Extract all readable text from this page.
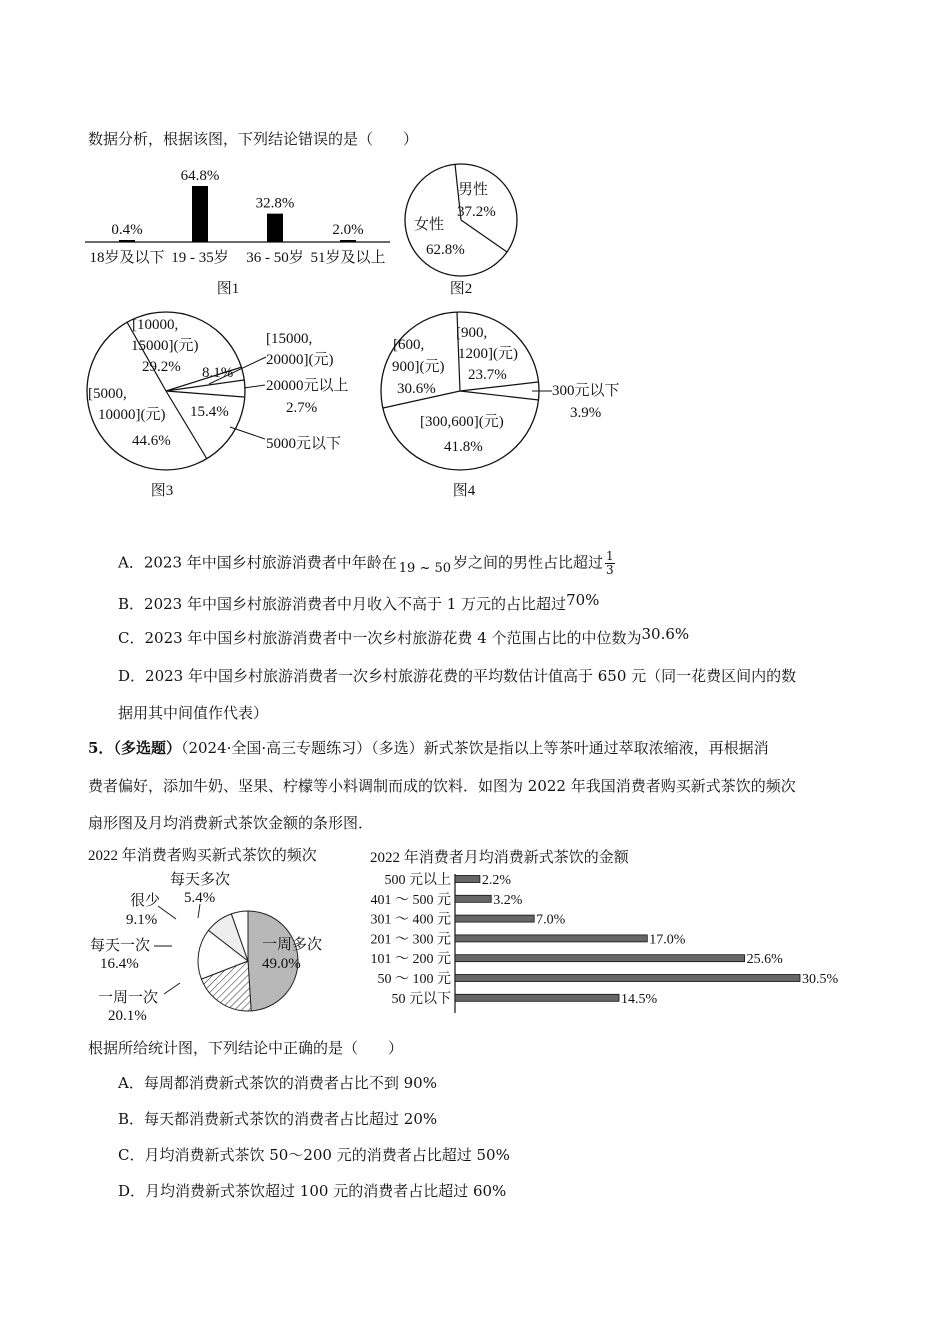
数据分析，根据该图，下列结论错误的是（　　）
0.4%
18岁及以下
64.8%
19 - 35岁
32.8%
36 - 50岁
2.0%
51岁及以上
图1
男性
37.2%
女性
62.8%
图2
[10000,
15000](元)
29.2%
[15000,
20000](元)
8.1%
20000元以上
2.7%
[5000,
10000](元)
44.6%
15.4%
5000元以下
图3
[600,
900](元)
30.6%
[900,
1200](元)
23.7%
300元以下
3.9%
[300,600](元)
41.8%
图4
A．2023 年中国乡村旅游消费者中年龄在 19 ~ 50 岁之间的男性占比超过 $\frac{1}{3}$
B．2023 年中国乡村旅游消费者中月收入不高于 1 万元的占比超过70%
C．2023 年中国乡村旅游消费者中一次乡村旅游花费 4 个范围占比的中位数为30.6%
D．2023 年中国乡村旅游消费者一次乡村旅游花费的平均数估计值高于 650 元（同一花费区间内的数
据用其中间值作代表）
5．（多选题）（2024·全国·高三专题练习）（多选）新式茶饮是指以上等茶叶通过萃取浓缩液，再根据消
费者偏好，添加牛奶、坚果、柠檬等小料调制而成的饮料．如图为 2022 年我国消费者购买新式茶饮的频次
扇形图及月均消费新式茶饮金额的条形图．
2022 年消费者购买新式茶饮的频次
一周多次
49.0%
一周一次
20.1%
每天一次
16.4%
很少
9.1%
每天多次
5.4%
2022 年消费者月均消费新式茶饮的金额
500 元以上 2.2%
401 ～ 500 元	3.2%
301 ～ 400 元	7.0%
201 ～ 300 元	17.0%
101 ～ 200 元	25.6%
50 ～ 100 元	30.5%
50 元以下	14.5%
根据所给统计图，下列结论中正确的是（　　）
A．每周都消费新式茶饮的消费者占比不到 90%
B．每天都消费新式茶饮的消费者占比超过 20%
C．月均消费新式茶饮 50～200 元的消费者占比超过 50%
D．月均消费新式茶饮超过 100 元的消费者占比超过 60%
